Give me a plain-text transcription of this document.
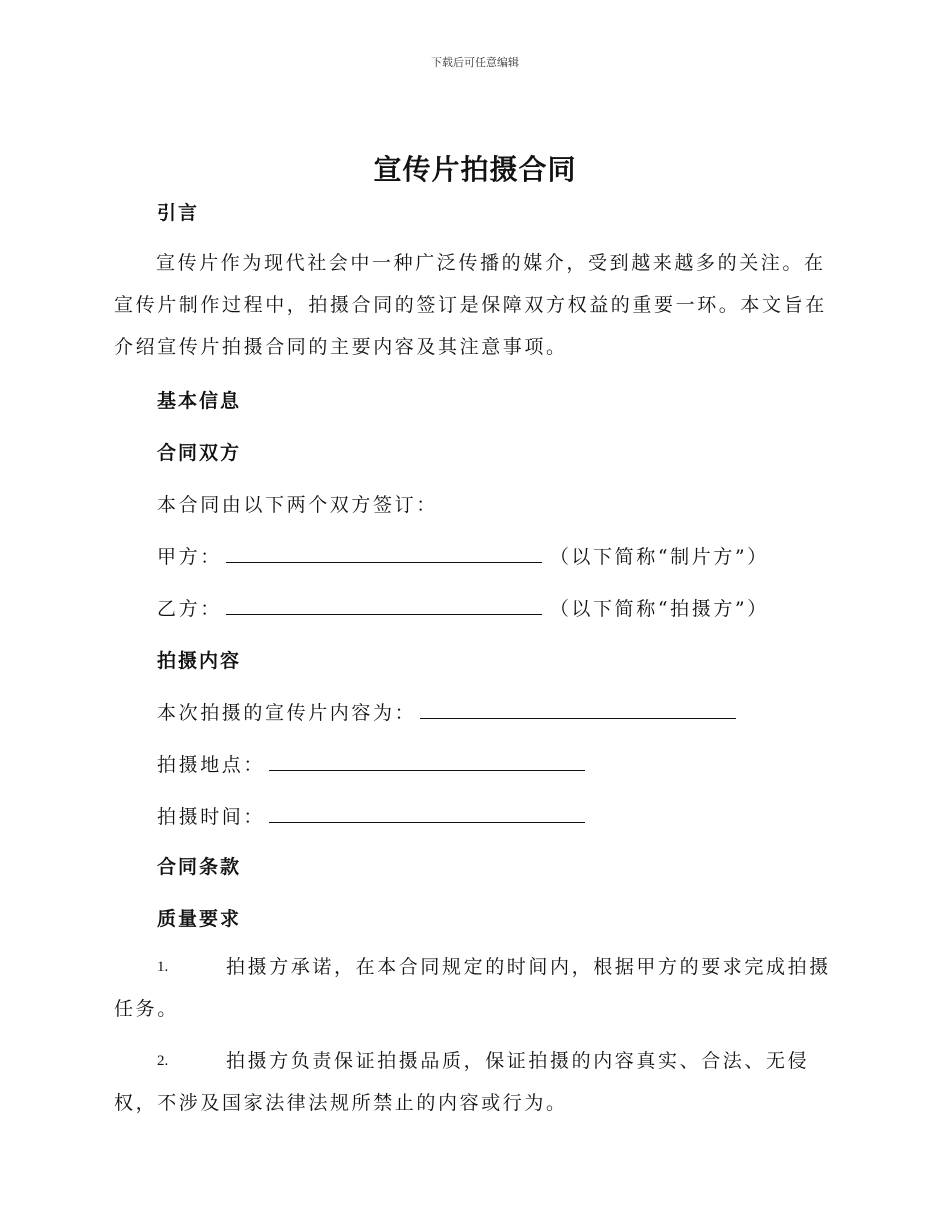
下载后可任意编辑
宣传片拍摄合同
引言

宣传片作为现代社会中一种广泛传播的媒介，受到越来越多的关注。在宣传片制作过程中，拍摄合同的签订是保障双方权益的重要一环。本文旨在介绍宣传片拍摄合同的主要内容及其注意事项。

基本信息
合同双方
本合同由以下两个双方签订：
甲方：	（以下简称“制片方”）
乙方：	（以下简称“拍摄方”）
拍摄内容
本次拍摄的宣传片内容为：
拍摄地点：
拍摄时间：
合同条款
质量要求
1.	拍摄方承诺，在本合同规定的时间内，根据甲方的要求完成拍摄任务。

2.	拍摄方负责保证拍摄品质，保证拍摄的内容真实、合法、无侵权，不涉及国家法律法规所禁止的内容或行为。
